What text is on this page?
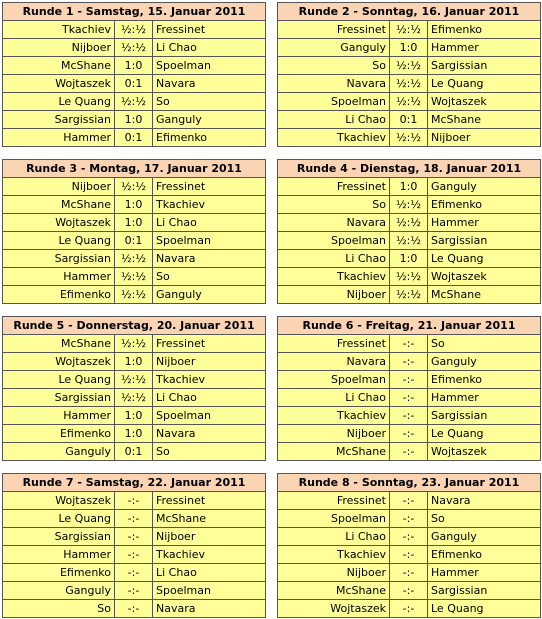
Runde 1 - Samstag, 15. Januar 2011		
Tkachiev	½:½	Fressinet
Nijboer	½:½	Li Chao
McShane	1:0	Spoelman
Wojtaszek	0:1	Navara
Le Quang	½:½	So
Sargissian	1:0	Ganguly
Hammer	0:1	Efimenko
Runde 2 - Sonntag, 16. Januar 2011		
Fressinet	½:½	Efimenko
Ganguly	1:0	Hammer
So	½:½	Sargissian
Navara	½:½	Le Quang
Spoelman	½:½	Wojtaszek
Li Chao	0:1	McShane
Tkachiev	½:½	Nijboer
Runde 3 - Montag, 17. Januar 2011		
Nijboer	½:½	Fressinet
McShane	1:0	Tkachiev
Wojtaszek	1:0	Li Chao
Le Quang	0:1	Spoelman
Sargissian	½:½	Navara
Hammer	½:½	So
Efimenko	½:½	Ganguly
Runde 4 - Dienstag, 18. Januar 2011		
Fressinet	1:0	Ganguly
So	½:½	Efimenko
Navara	½:½	Hammer
Spoelman	½:½	Sargissian
Li Chao	1:0	Le Quang
Tkachiev	½:½	Wojtaszek
Nijboer	½:½	McShane
Runde 5 - Donnerstag, 20. Januar 2011		
McShane	½:½	Fressinet
Wojtaszek	1:0	Nijboer
Le Quang	½:½	Tkachiev
Sargissian	½:½	Li Chao
Hammer	1:0	Spoelman
Efimenko	1:0	Navara
Ganguly	0:1	So
Runde 6 - Freitag, 21. Januar 2011		
Fressinet	-:-	So
Navara	-:-	Ganguly
Spoelman	-:-	Efimenko
Li Chao	-:-	Hammer
Tkachiev	-:-	Sargissian
Nijboer	-:-	Le Quang
McShane	-:-	Wojtaszek
Runde 7 - Samstag, 22. Januar 2011		
Wojtaszek	-:-	Fressinet
Le Quang	-:-	McShane
Sargissian	-:-	Nijboer
Hammer	-:-	Tkachiev
Efimenko	-:-	Li Chao
Ganguly	-:-	Spoelman
So	-:-	Navara
Runde 8 - Sonntag, 23. Januar 2011		
Fressinet	-:-	Navara
Spoelman	-:-	So
Li Chao	-:-	Ganguly
Tkachiev	-:-	Efimenko
Nijboer	-:-	Hammer
McShane	-:-	Sargissian
Wojtaszek	-:-	Le Quang
